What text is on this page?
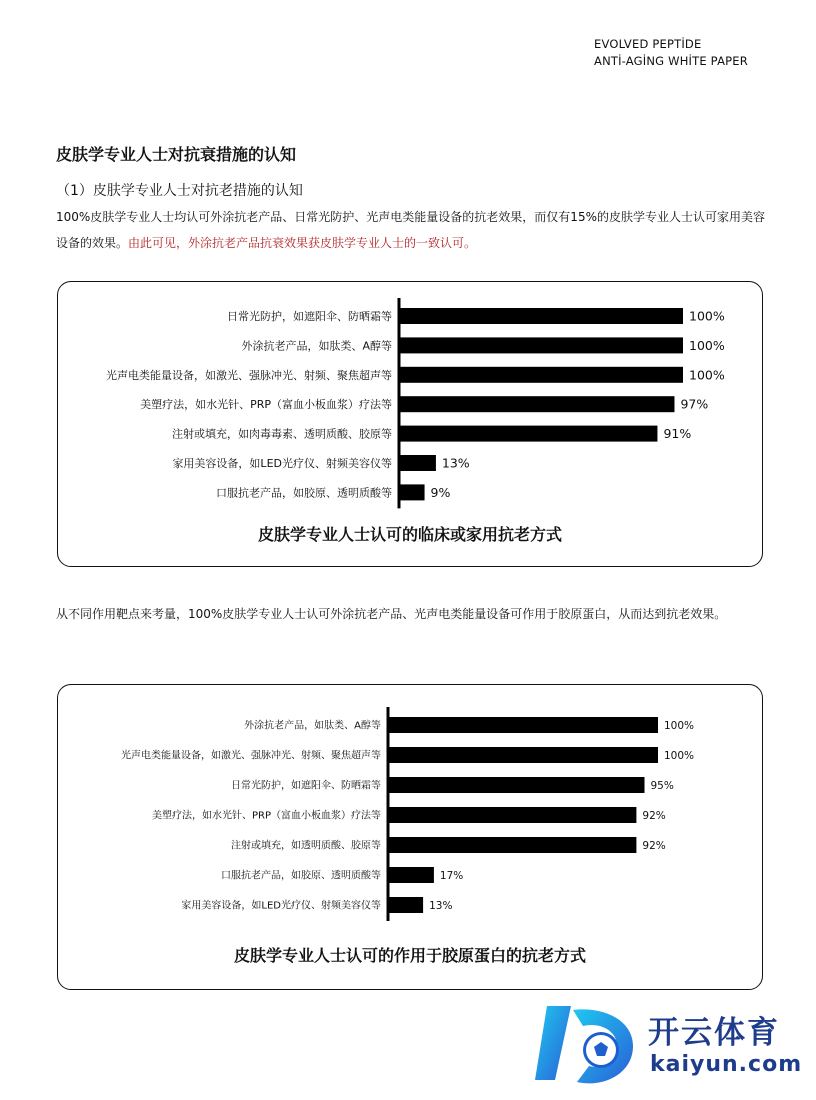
EVOLVED PEPTİDE
ANTİ-AGİNG WHİTE PAPER
皮肤学专业人士对抗衰措施的认知
（1）皮肤学专业人士对抗老措施的认知
100%皮肤学专业人士均认可外涂抗老产品、日常光防护、光声电类能量设备的抗老效果，而仅有15%的皮肤学专业人士认可家用美容设备的效果。由此可见，外涂抗老产品抗衰效果获皮肤学专业人士的一致认可。
日常光防护，如遮阳伞、防晒霜等	100%
外涂抗老产品，如肽类、A醇等	100%
光声电类能量设备，如激光、强脉冲光、射频、聚焦超声等	100%
美塑疗法，如水光针、PRP（富血小板血浆）疗法等	97%
注射或填充，如肉毒毒素、透明质酸、胶原等	91%
家用美容设备，如LED光疗仪、射频美容仪等	13%
口服抗老产品，如胶原、透明质酸等	9%
皮肤学专业人士认可的临床或家用抗老方式
从不同作用靶点来考量，100%皮肤学专业人士认可外涂抗老产品、光声电类能量设备可作用于胶原蛋白，从而达到抗老效果。
外涂抗老产品，如肽类、A醇等	100%
光声电类能量设备，如激光、强脉冲光、射频、聚焦超声等	100%
日常光防护，如遮阳伞、防晒霜等	95%
美塑疗法，如水光针、PRP（富血小板血浆）疗法等	92%
注射或填充，如透明质酸、胶原等	92%
口服抗老产品，如胶原、透明质酸等	17%
家用美容设备，如LED光疗仪、射频美容仪等	13%
皮肤学专业人士认可的作用于胶原蛋白的抗老方式
开云体育
kaiyun.com
